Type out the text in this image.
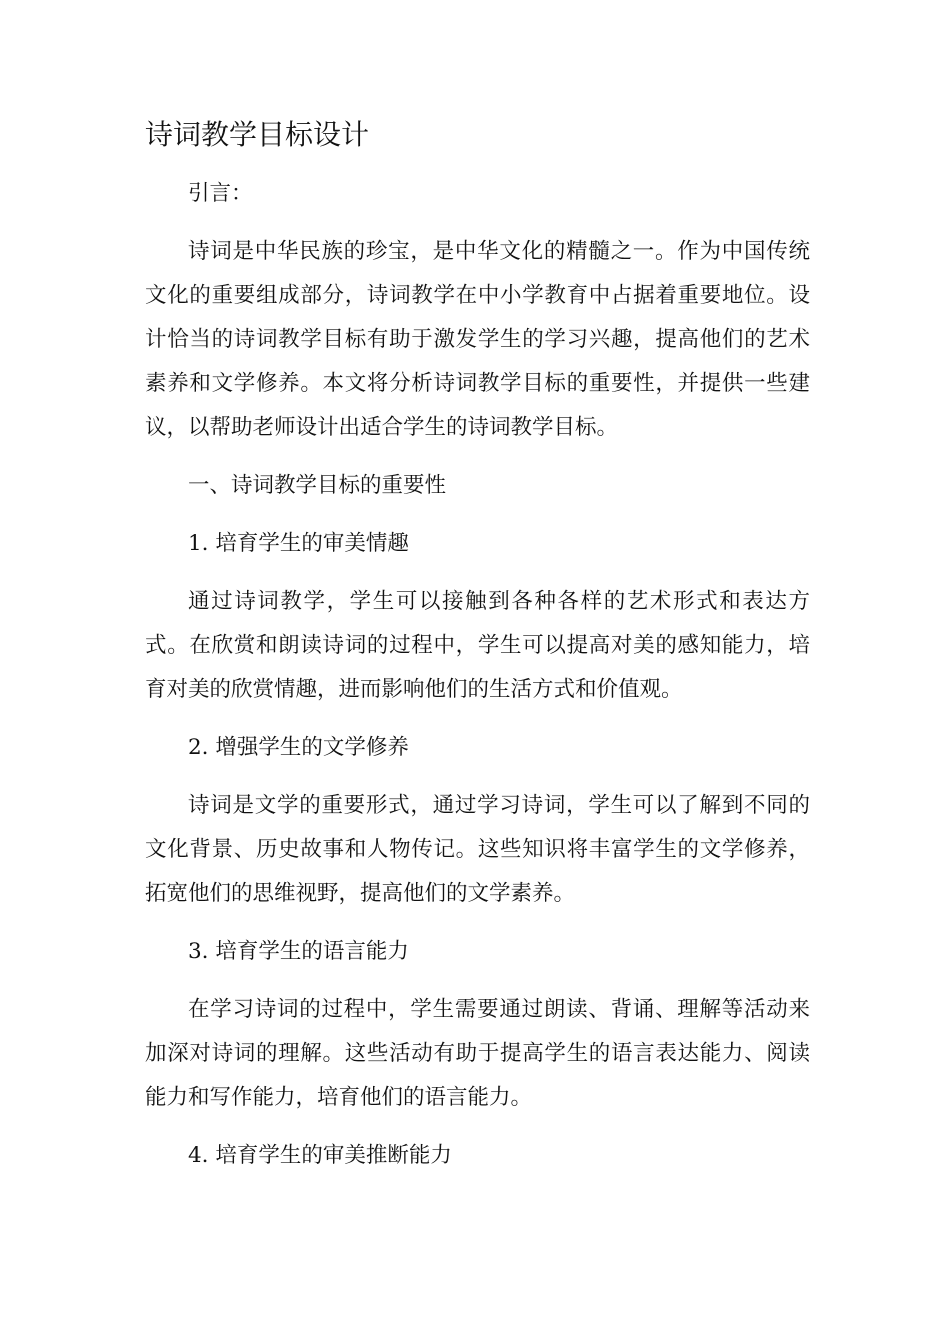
诗词教学目标设计

引言：

诗词是中华民族的珍宝，是中华文化的精髓之一。作为中国传统文化的重要组成部分，诗词教学在中小学教育中占据着重要地位。设计恰当的诗词教学目标有助于激发学生的学习兴趣，提高他们的艺术素养和文学修养。本文将分析诗词教学目标的重要性，并提供一些建议，以帮助老师设计出适合学生的诗词教学目标。

一、诗词教学目标的重要性

1. 培育学生的审美情趣

通过诗词教学，学生可以接触到各种各样的艺术形式和表达方式。在欣赏和朗读诗词的过程中，学生可以提高对美的感知能力，培育对美的欣赏情趣，进而影响他们的生活方式和价值观。

2. 增强学生的文学修养

诗词是文学的重要形式，通过学习诗词，学生可以了解到不同的文化背景、历史故事和人物传记。这些知识将丰富学生的文学修养，拓宽他们的思维视野，提高他们的文学素养。

3. 培育学生的语言能力

在学习诗词的过程中，学生需要通过朗读、背诵、理解等活动来加深对诗词的理解。这些活动有助于提高学生的语言表达能力、阅读能力和写作能力，培育他们的语言能力。

4. 培育学生的审美推断能力
